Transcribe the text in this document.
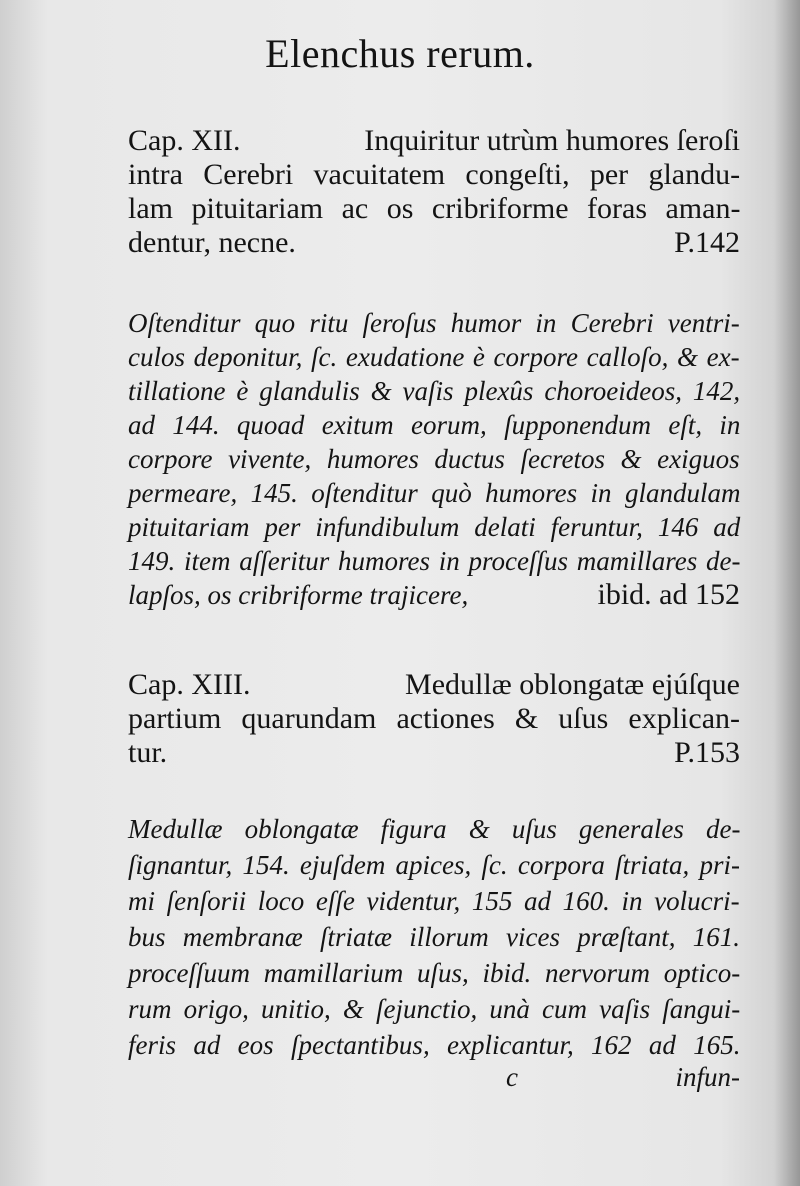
Elenchus rerum.
Cap. XII.	Inquiritur utrùm humores ſeroſi
intra Cerebri vacuitatem congeſti, per glandu-
lam pituitariam ac os cribriforme foras aman-
dentur, necne.	P.142
Oſtenditur quo ritu ſeroſus humor in Cerebri ventri-
culos deponitur, ſc. exudatione è corpore calloſo, & ex-
tillatione è glandulis & vaſis plexûs choroeideos, 142,
ad 144. quoad exitum eorum, ſupponendum eſt, in
corpore vivente, humores ductus ſecretos & exiguos
permeare, 145. oſtenditur quò humores in glandulam
pituitariam per infundibulum delati feruntur, 146 ad
149. item aſſeritur humores in proceſſus mamillares de-
lapſos, os cribriforme trajicere,	ibid. ad 152
Cap. XIII.	Medullæ oblongatæ ejúſque
partium quarundam actiones & uſus explican-
tur.	P.153
Medullæ oblongatæ figura & uſus generales de-
ſignantur, 154. ejuſdem apices, ſc. corpora ſtriata, pri-
mi ſenſorii loco eſſe videntur, 155 ad 160. in volucri-
bus membranæ ſtriatæ illorum vices præſtant, 161.
proceſſuum mamillarium uſus, ibid. nervorum optico-
rum origo, unitio, & ſejunctio, unà cum vaſis ſangui-
feris ad eos ſpectantibus, explicantur, 162 ad 165.
c	infun-
